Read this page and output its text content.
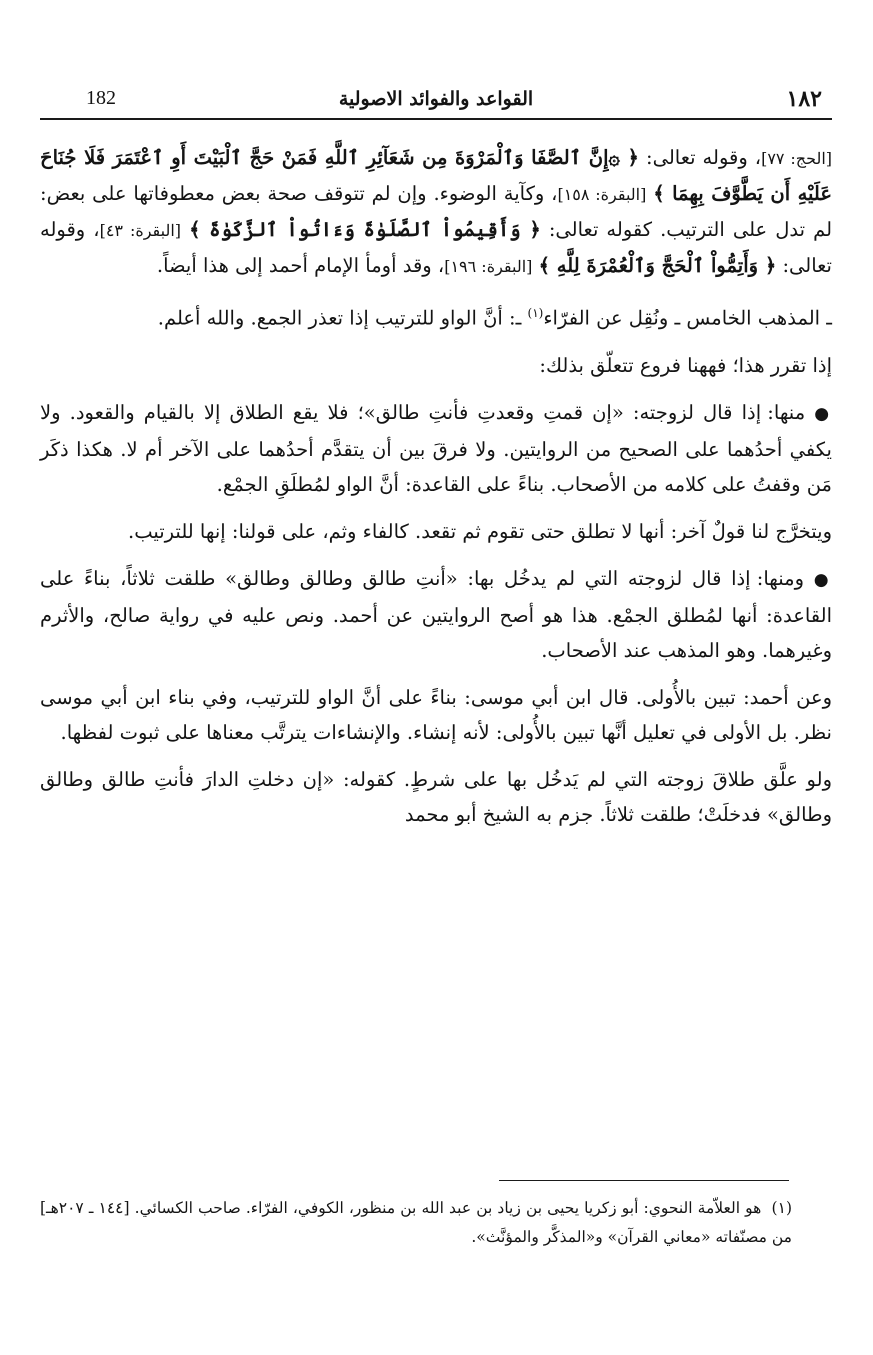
١٨٢
القواعد والفوائد الاصولية
182

[الحج: ٧٧]، وقوله تعالى: ﴿ ۞إِنَّ ٱلصَّفَا وَٱلْمَرْوَةَ مِن شَعَآئِرِ ٱللَّهِ فَمَنْ حَجَّ ٱلْبَيْتَ أَوِ ٱعْتَمَرَ فَلَا جُنَاحَ عَلَيْهِ أَن يَطَّوَّفَ بِهِمَا ﴾ [البقرة: ١٥٨]، وكآية الوضوء. وإن لم تتوقف صحة بعض معطوفاتها على بعض: لم تدل على الترتيب. كقوله تعالى: ﴿ وَأَقِيمُواْ ٱلصَّلَوٰةَ وَءَاتُواْ ٱلزَّكَوٰةَ ﴾ [البقرة: ٤٣]، وقوله تعالى: ﴿ وَأَتِمُّواْ ٱلْحَجَّ وَٱلْعُمْرَةَ لِلَّهِ ﴾ [البقرة: ١٩٦]، وقد أومأ الإمام أحمد إلى هذا أيضاً.

ـ المذهب الخامس ـ ونُقِل عن الفرّاء$^{(١)}$ ـ: أنَّ الواو للترتيب إذا تعذر الجمع. والله أعلم.

إذا تقرر هذا؛ فههنا فروع تتعلّق بذلك:

● منها: إذا قال لزوجته: «إن قمتِ وقعدتِ فأنتِ طالق»؛ فلا يقع الطلاق إلا بالقيام والقعود. ولا يكفي أحدُهما على الصحيح من الروايتين. ولا فرقَ بين أن يتقدَّم أحدُهما على الآخر أم لا. هكذا ذكَر مَن وقفتُ على كلامه من الأصحاب. بناءً على القاعدة: أنَّ الواو لمُطلَقِ الجمْع.

ويتخرَّج لنا قولٌ آخر: أنها لا تطلق حتى تقوم ثم تقعد. كالفاء وثم، على قولنا: إنها للترتيب.

● ومنها: إذا قال لزوجته التي لم يدخُل بها: «أنتِ طالق وطالق وطالق» طلقت ثلاثاً، بناءً على القاعدة: أنها لمُطلق الجمْع. هذا هو أصح الروايتين عن أحمد. ونص عليه في رواية صالح، والأثرم وغيرهما. وهو المذهب عند الأصحاب.

وعن أحمد: تبين بالأُولى. قال ابن أبي موسى: بناءً على أنَّ الواو للترتيب، وفي بناء ابن أبي موسى نظر. بل الأولى في تعليل أنَّها تبين بالأُولى: لأنه إنشاء. والإنشاءات يترتَّب معناها على ثبوت لفظها.

ولو علَّق طلاقَ زوجته التي لم يَدخُل بها على شرطٍ. كقوله: «إن دخلتِ الدارَ فأنتِ طالق وطالق وطالق» فدخلَتْ؛ طلقت ثلاثاً. جزم به الشيخ أبو محمد

(١)  هو العلاّمة النحوي: أبو زكريا يحيى بن زياد بن عبد الله بن منظور، الكوفي، الفرّاء. صاحب الكسائي. [١٤٤ ـ ٢٠٧هـ] من مصنّفاته «معاني القرآن» و«المذكَّر والمؤنَّث».
